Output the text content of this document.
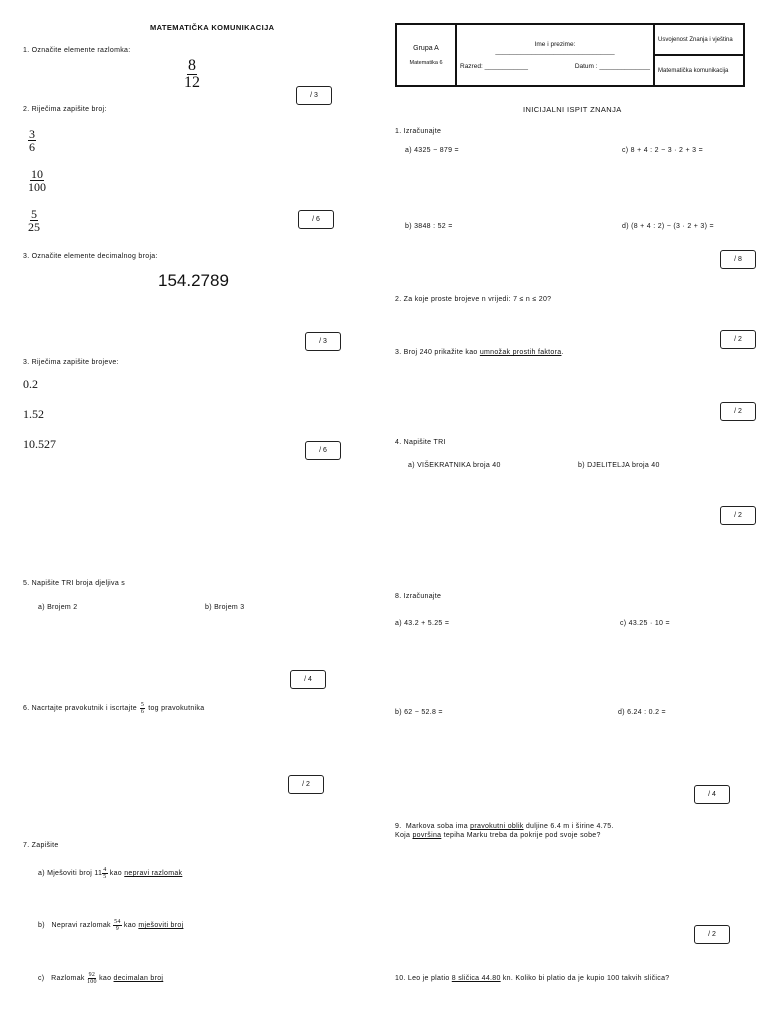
MATEMATIČKA KOMUNIKACIJA
1. Označite elemente razlomka:
$\frac{8}{12}$
/ 3
2. Riječima zapišite broj:
$\frac{3}{6}$
$\frac{10}{100}$
$\frac{5}{25}$	/ 6
3. Označite elemente decimalnog broja:
154.2789
/ 3
3. Riječima zapišite brojeve:
0.2
1.52
10.527	/ 6
5. Napišite TRI broja djeljiva s
a) Brojem 2	b) Brojem 3
/ 4
6. Nacrtajte pravokutnik i iscrtajte $\frac{5}{6}$ tog pravokutnika
/ 2
7. Zapišite
a) Mješoviti broj $11 \frac{4}{5}$ kao nepravi razlomak
b)   Nepravi razlomak $\frac{54}{9}$ kao mješoviti broj
c)   Razlomak $\frac{92}{100}$ kao decimalan broj
Grupa A
Matematika 6

Ime i prezime:
_________________________________
Razred: ____________	Datum : ______________
	Usvojenost Znanja i vještina
Matematička komunikacija
INICIJALNI ISPIT ZNANJA
1. Izračunajte
a) 4325 − 879 =	c) 8 + 4 : 2 − 3 · 2 + 3 =
b) 3848 : 52 =	d) (8 + 4 : 2) − (3 · 2 + 3) =
/ 8
2. Za koje proste brojeve n vrijedi: 7 ≤ n ≤ 20?
/ 2
3. Broj 240 prikažite kao umnožak prostih faktora.
/ 2
4. Napišite TRI
a) VIŠEKRATNIKA broja 40	b) DJELITELJA broja 40
/ 2
8. Izračunajte
a) 43.2 + 5.25 =	c) 43.25 · 10 =
b) 62 − 52.8 =	d) 6.24 : 0.2 =
/ 4
9.  Markova soba ima pravokutni oblik duljine 6.4 m i širine 4.75.
Koja površina tepiha Marku treba da pokrije pod svoje sobe?
/ 2
10. Leo je platio 8 sličica 44.80 kn. Koliko bi platio da je kupio 100 takvih sličica?
